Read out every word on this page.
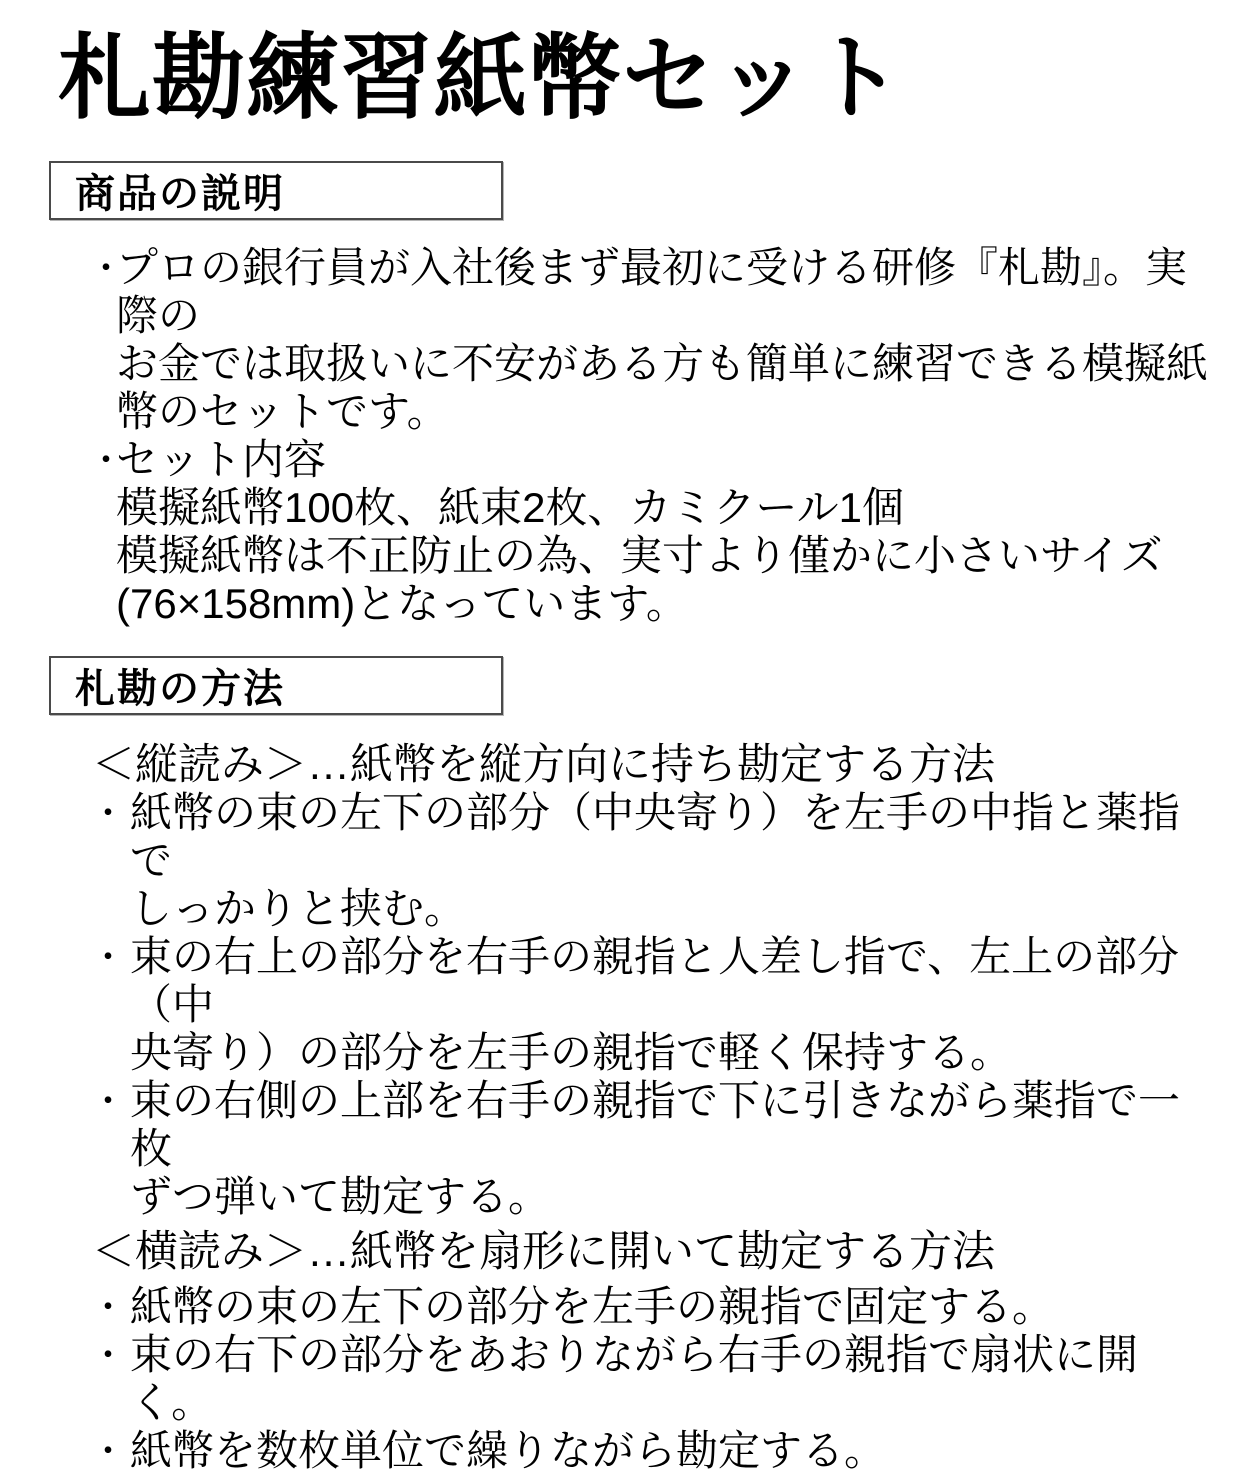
札勘練習紙幣セット
商品の説明
・
プロの銀行員が入社後まず最初に受ける研修『札勘』。実際の
お金では取扱いに不安がある方も簡単に練習できる模擬紙
幣のセットです。
・
セット内容
模擬紙幣100枚、紙束2枚、カミクール1個
模擬紙幣は不正防止の為、実寸より僅かに小さいサイズ
(76×158mm)となっています。
札勘の方法
＜縦読み＞…紙幣を縦方向に持ち勘定する方法
・ 紙幣の束の左下の部分（中央寄り）を左手の中指と薬指で
しっかりと挟む。
・ 束の右上の部分を右手の親指と人差し指で、左上の部分（中
央寄り）の部分を左手の親指で軽く保持する。
・ 束の右側の上部を右手の親指で下に引きながら薬指で一枚
ずつ弾いて勘定する。
＜横読み＞…紙幣を扇形に開いて勘定する方法
・ 紙幣の束の左下の部分を左手の親指で固定する。
・ 束の右下の部分をあおりながら右手の親指で扇状に開く。
・ 紙幣を数枚単位で繰りながら勘定する。
